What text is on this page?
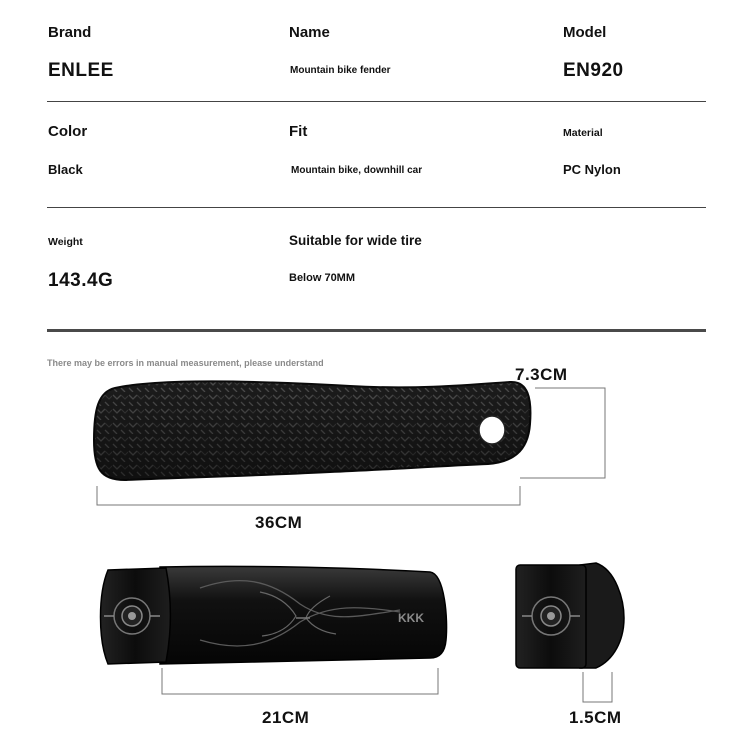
Brand	Name	Model
ENLEE	Mountain bike fender	EN920
Color	Fit	Material
Black	Mountain bike, downhill car	PC Nylon
Weight	Suitable for wide tire
143.4G	Below 70MM
There may be errors in manual measurement, please understand
KKK
7.3CM
36CM
21CM	1.5CM
